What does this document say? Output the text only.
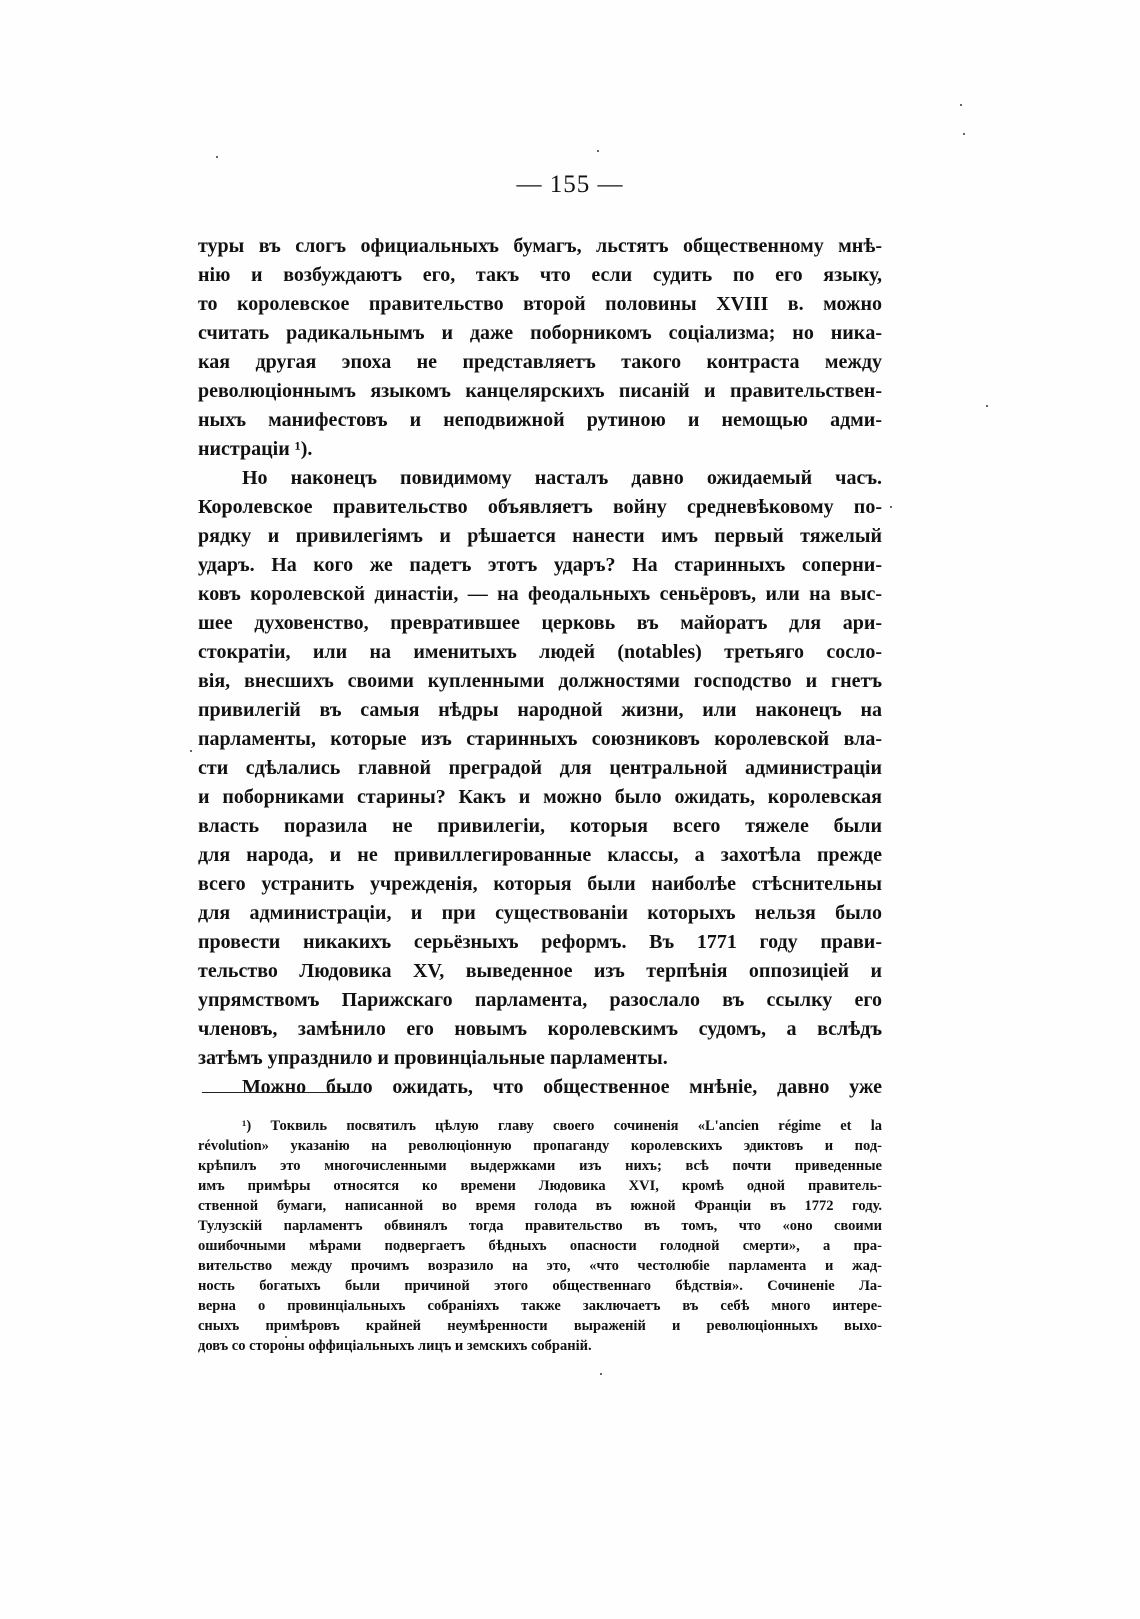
— 155 —
туры въ слогъ официальныхъ бумагъ, льстятъ общественному мнѣ-
нію и возбуждаютъ его, такъ что если судить по его языку,
то королевское правительство второй половины XVIII в. можно
считать радикальнымъ и даже поборникомъ соціализма; но никa-
кая другая эпоха не представляетъ такого контраста между
революціоннымъ языкомъ канцелярскихъ писаній и правительствен-
ныхъ манифестовъ и неподвижной рутиною и немощью адми-
нистраціи ¹).
Но наконецъ повидимому насталъ давно ожидаемый часъ.
Королевское правительство объявляетъ войну средневѣковому по-
рядку и привилегіямъ и рѣшается нанести имъ первый тяжелый
ударъ. На кого же падетъ этотъ ударъ? На старинныхъ соперни-
ковъ королевской династіи, — на феодальныхъ сеньёровъ, или на выс-
шее духовенство, превратившее церковь въ майоратъ для ари-
стократіи, или на именитыхъ людей (notables) третьяго сосло-
вія, внесшихъ своими купленными должностями господство и гнетъ
привилегій въ самыя нѣдры народной жизни, или наконецъ на
парламенты, которые изъ старинныхъ союзниковъ королевской вла-
сти сдѣлались главной преградой для центральной администраціи
и поборниками старины? Какъ и можно было ожидать, королевская
власть поразила не привилегіи, которыя всего тяжеле были
для народа, и не привиллегированные классы, а захотѣла прежде
всего устранить учрежденія, которыя были наиболѣе стѣснительны
для администраціи, и при существованіи которыхъ нельзя было
провести никакихъ серьёзныхъ реформъ. Въ 1771 году прави-
тельство Людовика XV, выведенное изъ терпѣнія оппозиціей и
упрямствомъ Парижскаго парламента, разослало въ ссылку его
членовъ, замѣнило его новымъ королевскимъ судомъ, а вслѣдъ
затѣмъ упразднило и провинціальные парламенты.
Можно было ожидать, что общественное мнѣніе, давно уже
¹) Токвиль посвятилъ цѣлую главу своего сочиненія «L'ancien régime et la
révolution» указанію на революціонную пропаганду королевскихъ эдиктовъ и под-
крѣпилъ это многочисленными выдержками изъ нихъ; всѣ почти приведенные
имъ примѣры относятся ко времени Людовика XVI, кромѣ одной правитель-
ственной бумаги, написанной во время голода въ южной Франціи въ 1772 году.
Тулузскій парламентъ обвинялъ тогда правительство въ томъ, что «оно своими
ошибочными мѣрами подвергаетъ бѣдныхъ опасности голодной смерти», а пра-
вительство между прочимъ возразило на это, «что честолюбіе парламента и жад-
ность богатыхъ были причиной этого общественнаго бѣдствія». Сочиненіе Ла-
верна о провинціальныхъ собраніяхъ также заключаетъ въ себѣ много интере-
сныхъ примѣровъ крайней неумѣренности выраженій и революціонныхъ выхо-
довъ со стороны оффиціальныхъ лицъ и земскихъ собраній.
